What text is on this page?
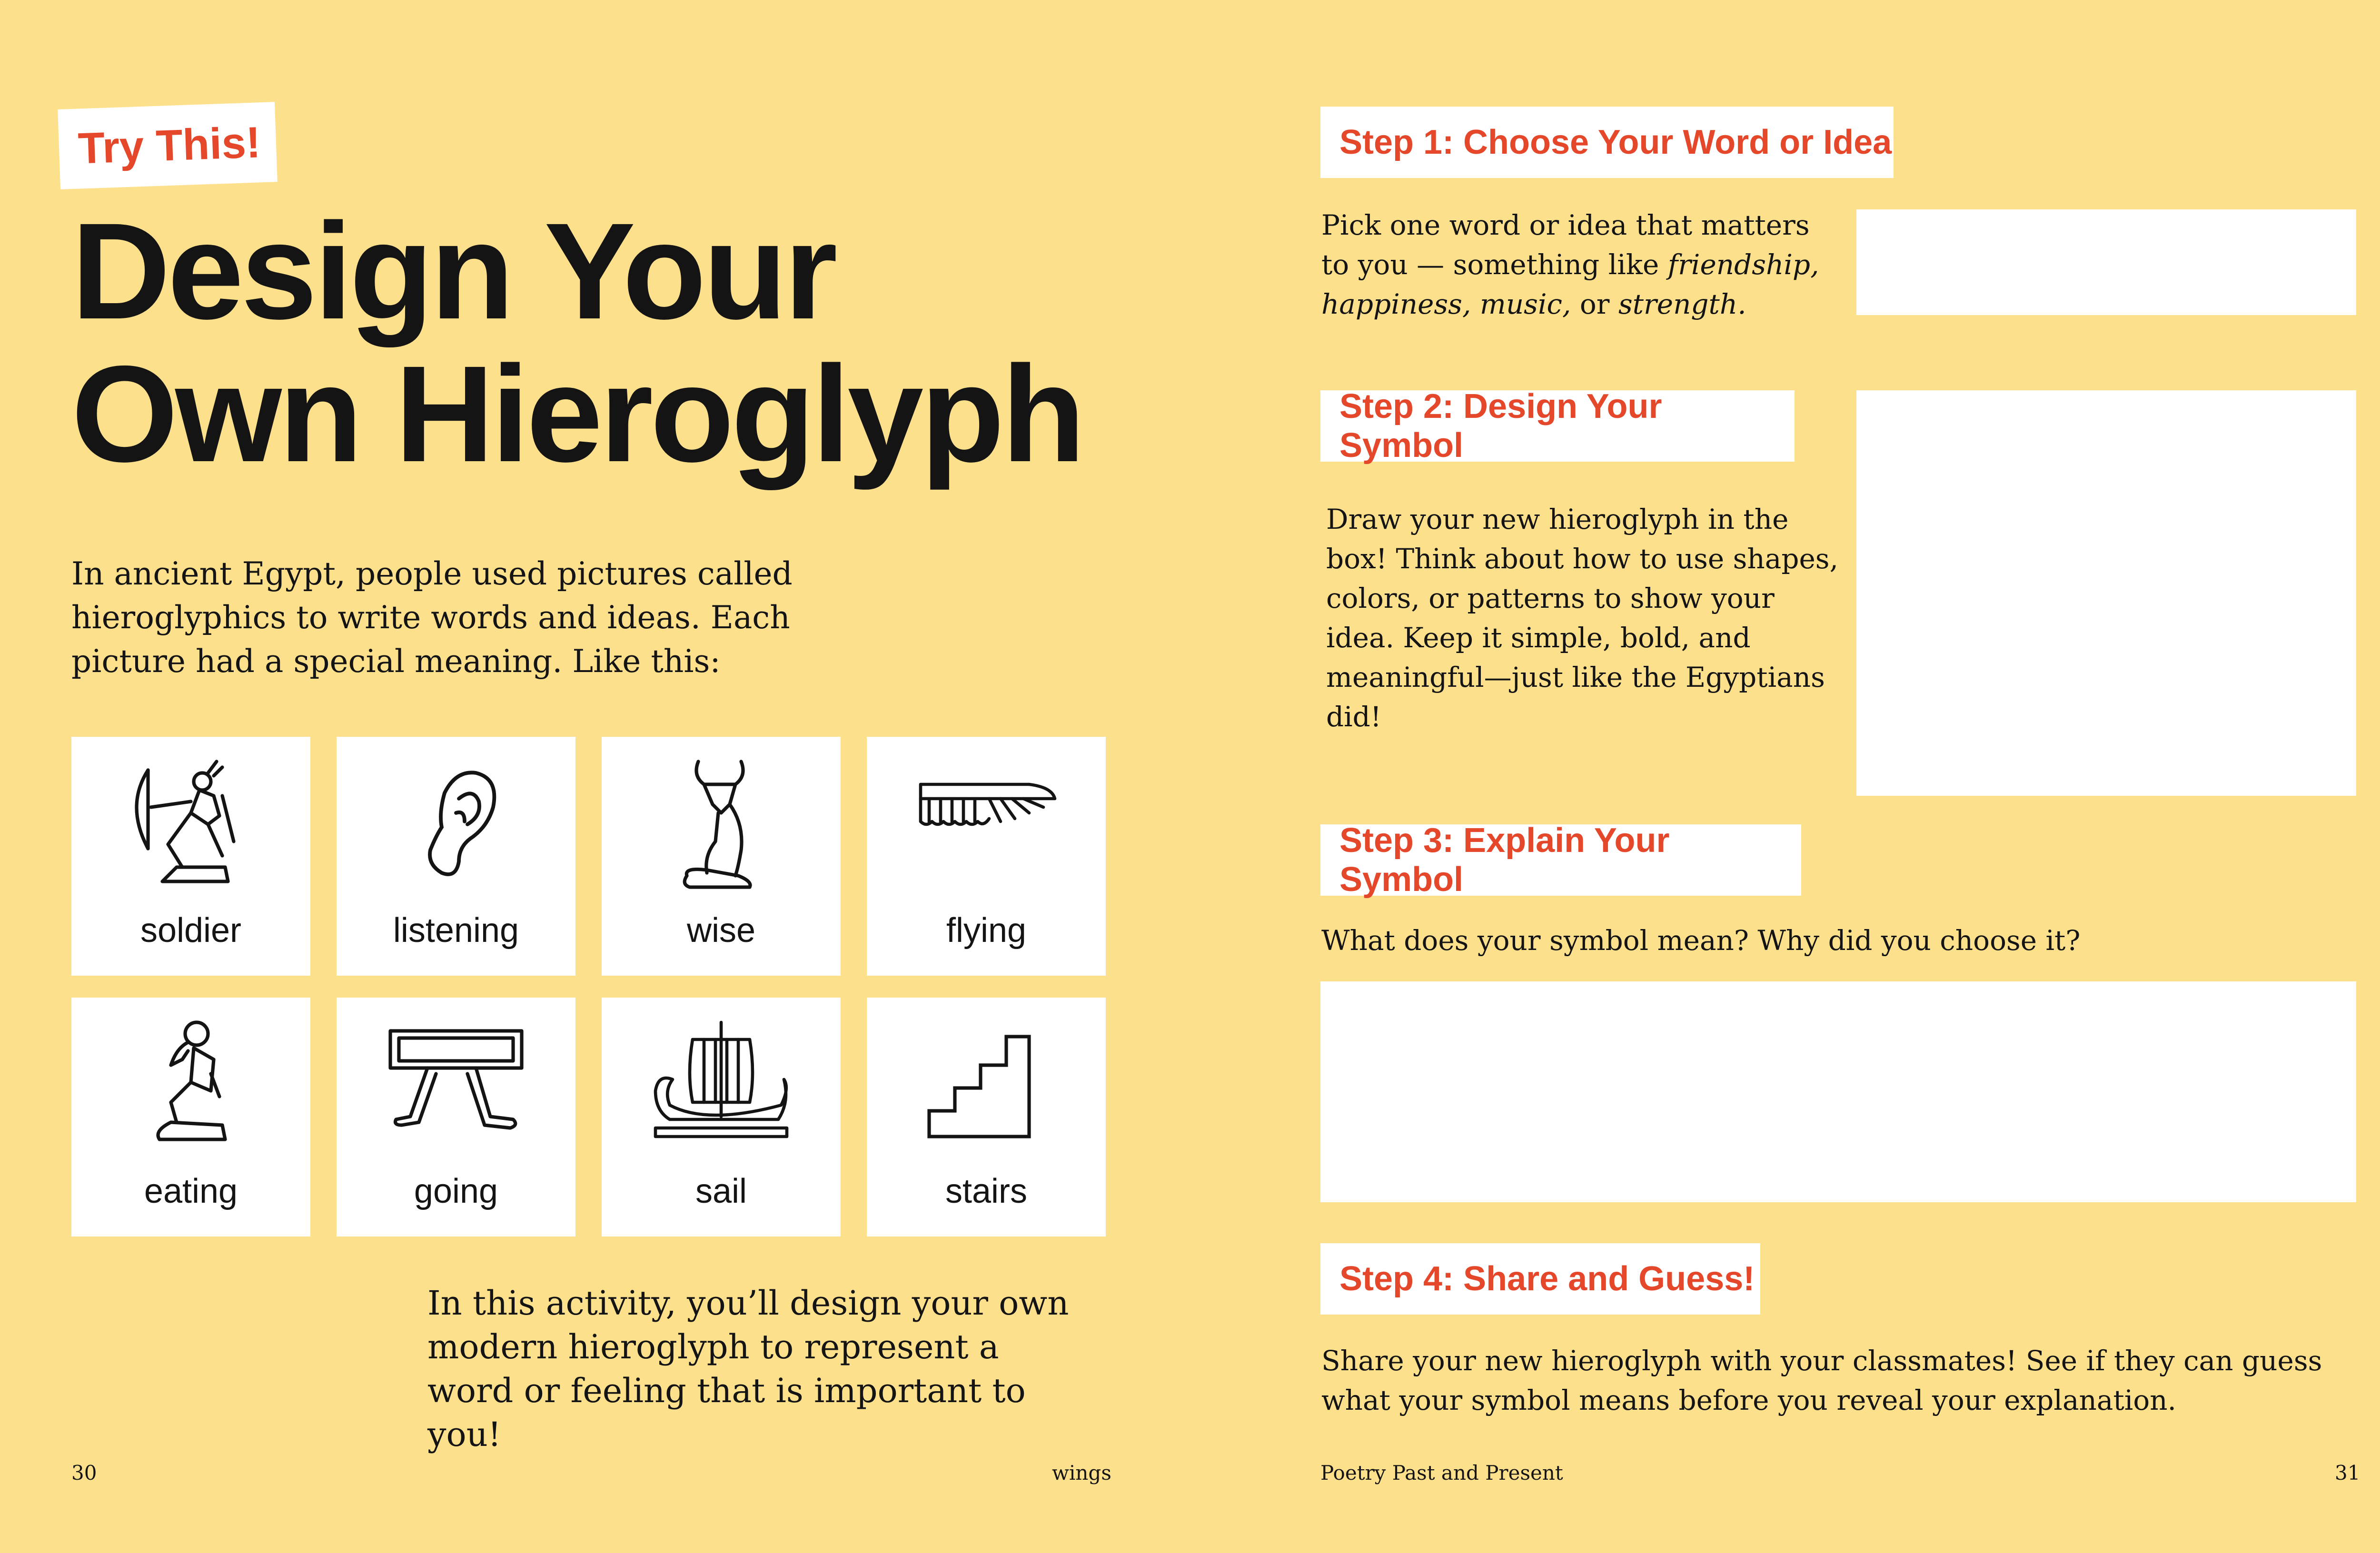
Try This!
Design Your
Own Hieroglyph
In ancient Egypt, people used pictures called hieroglyphics to write words and ideas. Each picture had a special meaning. Like this:
soldier	listening	wise	flying
eating	going	sail	stairs
In this activity, you’ll design your own modern hieroglyph to represent a word or feeling that is important to you!
30	wings
Step 1: Choose Your Word or Idea
Pick one word or idea that matters
to you — something like friendship,
happiness, music, or strength.
Step 2: Design Your Symbol
Draw your new hieroglyph in the box! Think about how to use shapes, colors, or patterns to show your idea. Keep it simple, bold, and meaningful—just like the Egyptians did!
Step 3: Explain Your Symbol
What does your symbol mean? Why did you choose it?
Step 4: Share and Guess!
Share your new hieroglyph with your classmates! See if they can guess what your symbol means before you reveal your explanation.
Poetry Past and Present	31
